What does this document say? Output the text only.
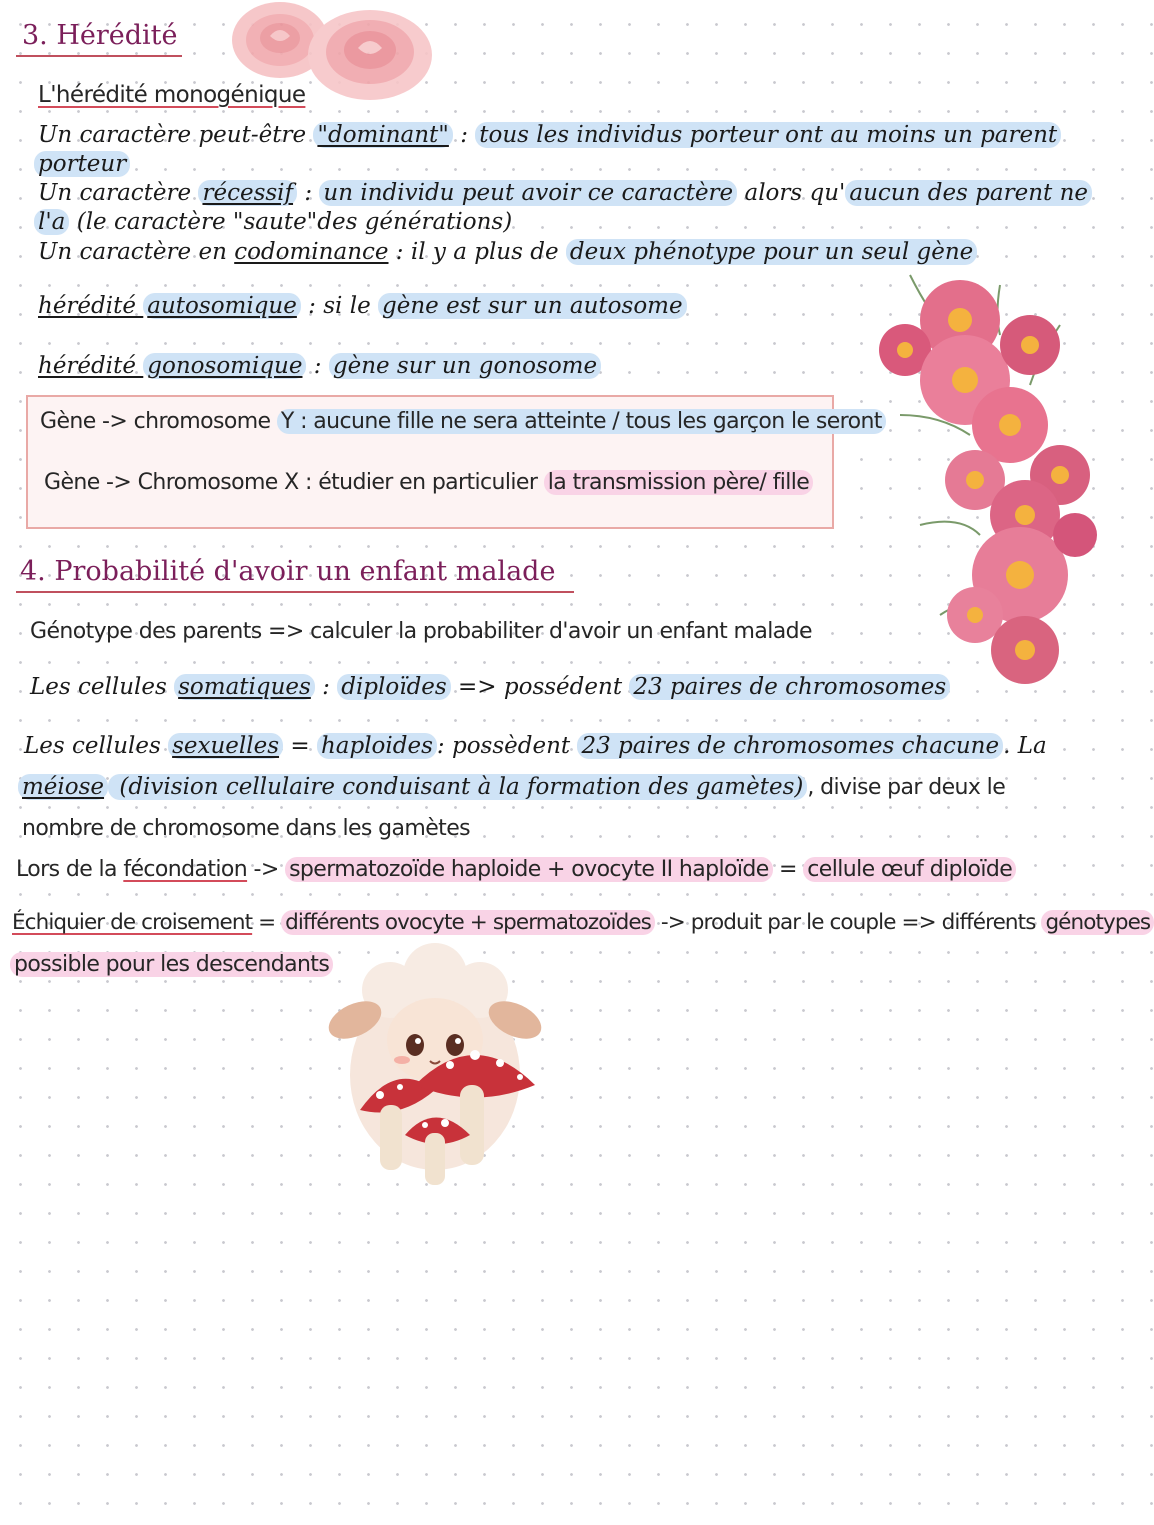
3. Hérédité
L'hérédité monogénique
Un caractère peut-être "dominant" : tous les individus porteur ont au moins un parent
porteur
Un caractère récessif : un individu peut avoir ce caractère alors qu' aucun des parent ne
l'a (le caractère "saute"des générations)
Un caractère en codominance : il y a plus de deux phénotype pour un seul gène
hérédité autosomique : si le gène est sur un autosome
hérédité gonosomique : gène sur un gonosome
Gène -> chromosome Y : aucune fille ne sera atteinte / tous les garçon le seront
Gène -> Chromosome X : étudier en particulier la transmission père/ fille
4. Probabilité d'avoir un enfant malade
Génotype des parents => calculer la probabiliter d'avoir un enfant malade
Les cellules somatiques : diploïdes => possédent 23 paires de chromosomes
Les cellules sexuelles = haploides : possèdent 23 paires de chromosomes chacune . La
méiose (division cellulaire conduisant à la formation des gamètes) , divise par deux le
nombre de chromosome dans les gamètes
Lors de la fécondation -> spermatozoïde haploide + ovocyte II haploïde = cellule œuf diploïde
Échiquier de croisement = différents ovocyte + spermatozoïdes -> produit par le couple => différents génotypes
possible pour les descendants
